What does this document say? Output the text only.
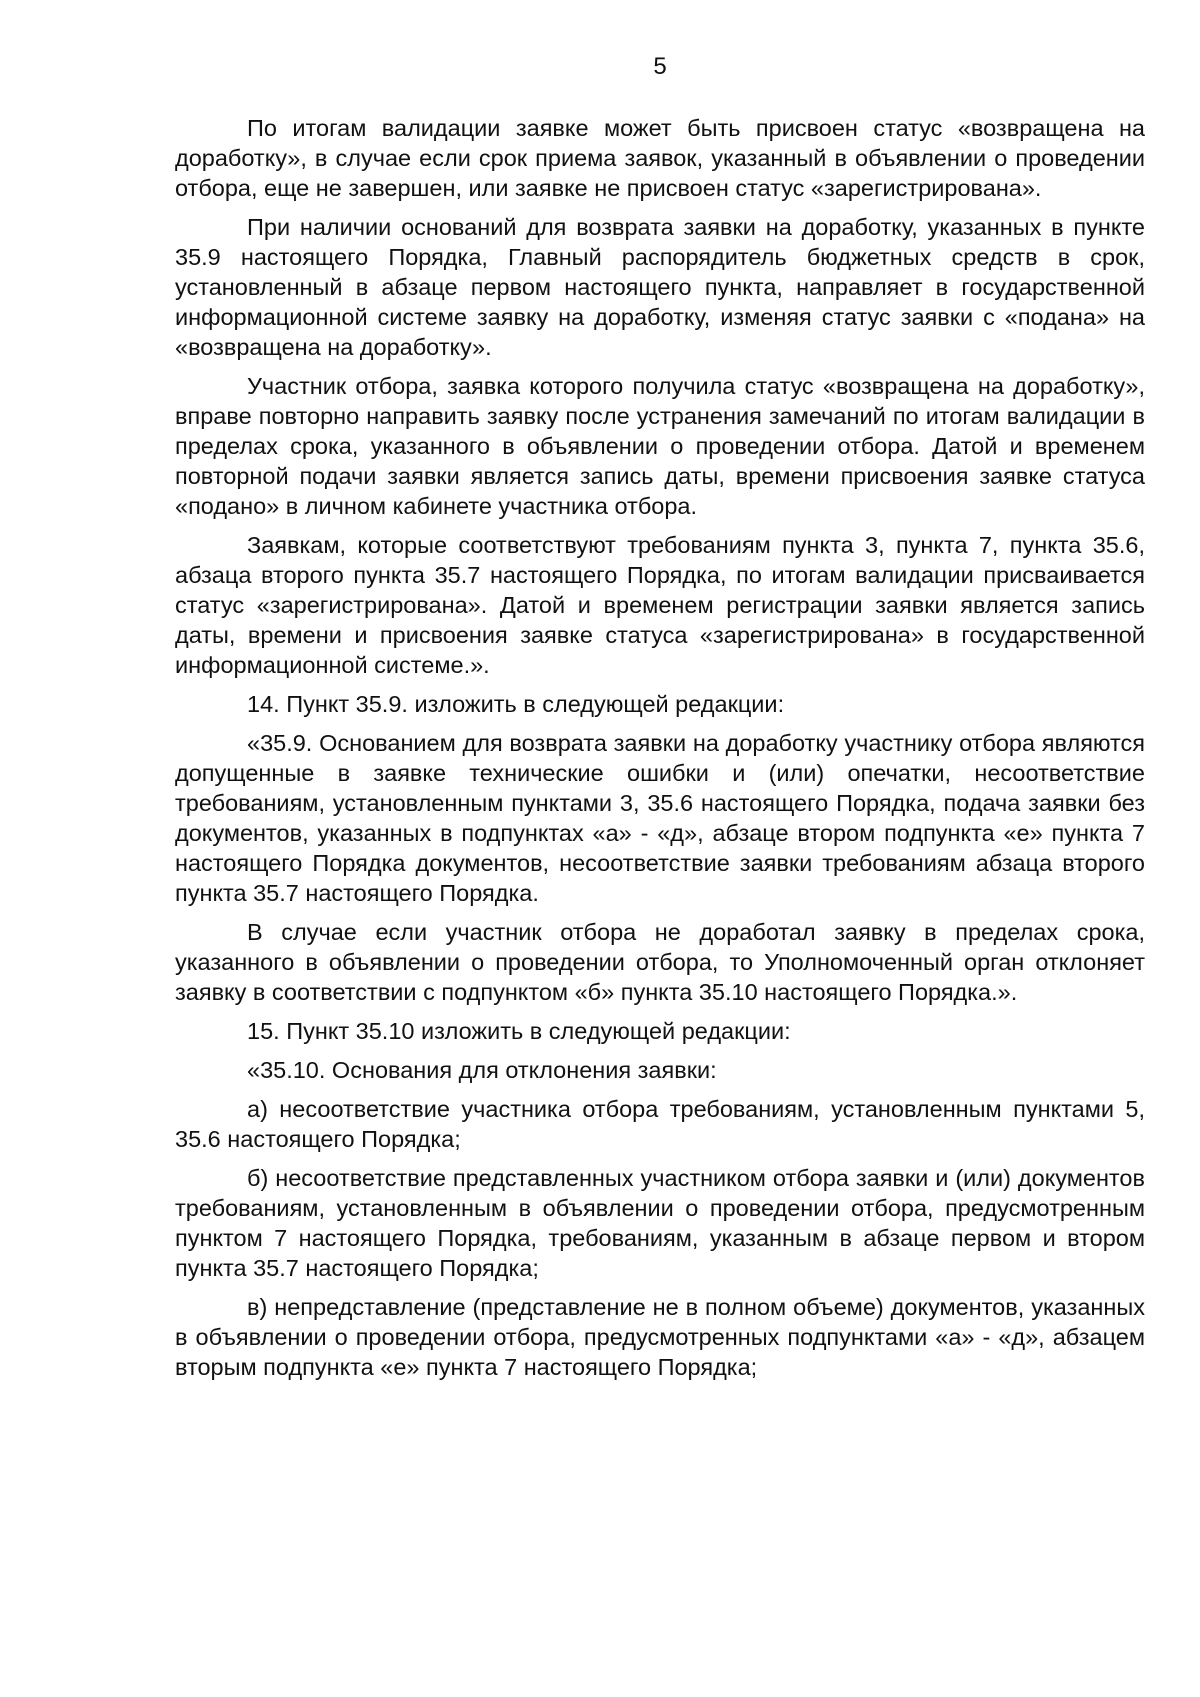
5

По итогам валидации заявке может быть присвоен статус «возвращена на доработку», в случае если срок приема заявок, указанный в объявлении о проведении отбора, еще не завершен, или заявке не присвоен статус «зарегистрирована».

При наличии оснований для возврата заявки на доработку, указанных в пункте 35.9 настоящего Порядка, Главный распорядитель бюджетных средств в срок, установленный в абзаце первом настоящего пункта, направляет в государственной информационной системе заявку на доработку, изменяя статус заявки с «подана» на «возвращена на доработку».

Участник отбора, заявка которого получила статус «возвращена на доработку», вправе повторно направить заявку после устранения замечаний по итогам валидации в пределах срока, указанного в объявлении о проведении отбора. Датой и временем повторной подачи заявки является запись даты, времени присвоения заявке статуса «подано» в личном кабинете участника отбора.

Заявкам, которые соответствуют требованиям пункта 3, пункта 7, пункта 35.6, абзаца второго пункта 35.7 настоящего Порядка, по итогам валидации присваивается статус «зарегистрирована». Датой и временем регистрации заявки является запись даты, времени и присвоения заявке статуса «зарегистрирована» в государственной информационной системе.».

14. Пункт 35.9. изложить в следующей редакции:

«35.9. Основанием для возврата заявки на доработку участнику отбора являются допущенные в заявке технические ошибки и (или) опечатки, несоответствие требованиям, установленным пунктами 3, 35.6 настоящего Порядка, подача заявки без документов, указанных в подпунктах «а» - «д», абзаце втором подпункта «е» пункта 7 настоящего Порядка документов, несоответствие заявки требованиям абзаца второго пункта 35.7 настоящего Порядка.

В случае если участник отбора не доработал заявку в пределах срока, указанного в объявлении о проведении отбора, то Уполномоченный орган отклоняет заявку в соответствии с подпунктом «б» пункта 35.10 настоящего Порядка.».

15. Пункт 35.10 изложить в следующей редакции:

«35.10. Основания для отклонения заявки:

а) несоответствие участника отбора требованиям, установленным пунктами 5, 35.6 настоящего Порядка;

б) несоответствие представленных участником отбора заявки и (или) документов требованиям, установленным в объявлении о проведении отбора, предусмотренным пунктом 7 настоящего Порядка, требованиям, указанным в абзаце первом и втором пункта 35.7 настоящего Порядка;

в) непредставление (представление не в полном объеме) документов, указанных в объявлении о проведении отбора, предусмотренных подпунктами «а» - «д», абзацем вторым подпункта «е» пункта 7 настоящего Порядка;
